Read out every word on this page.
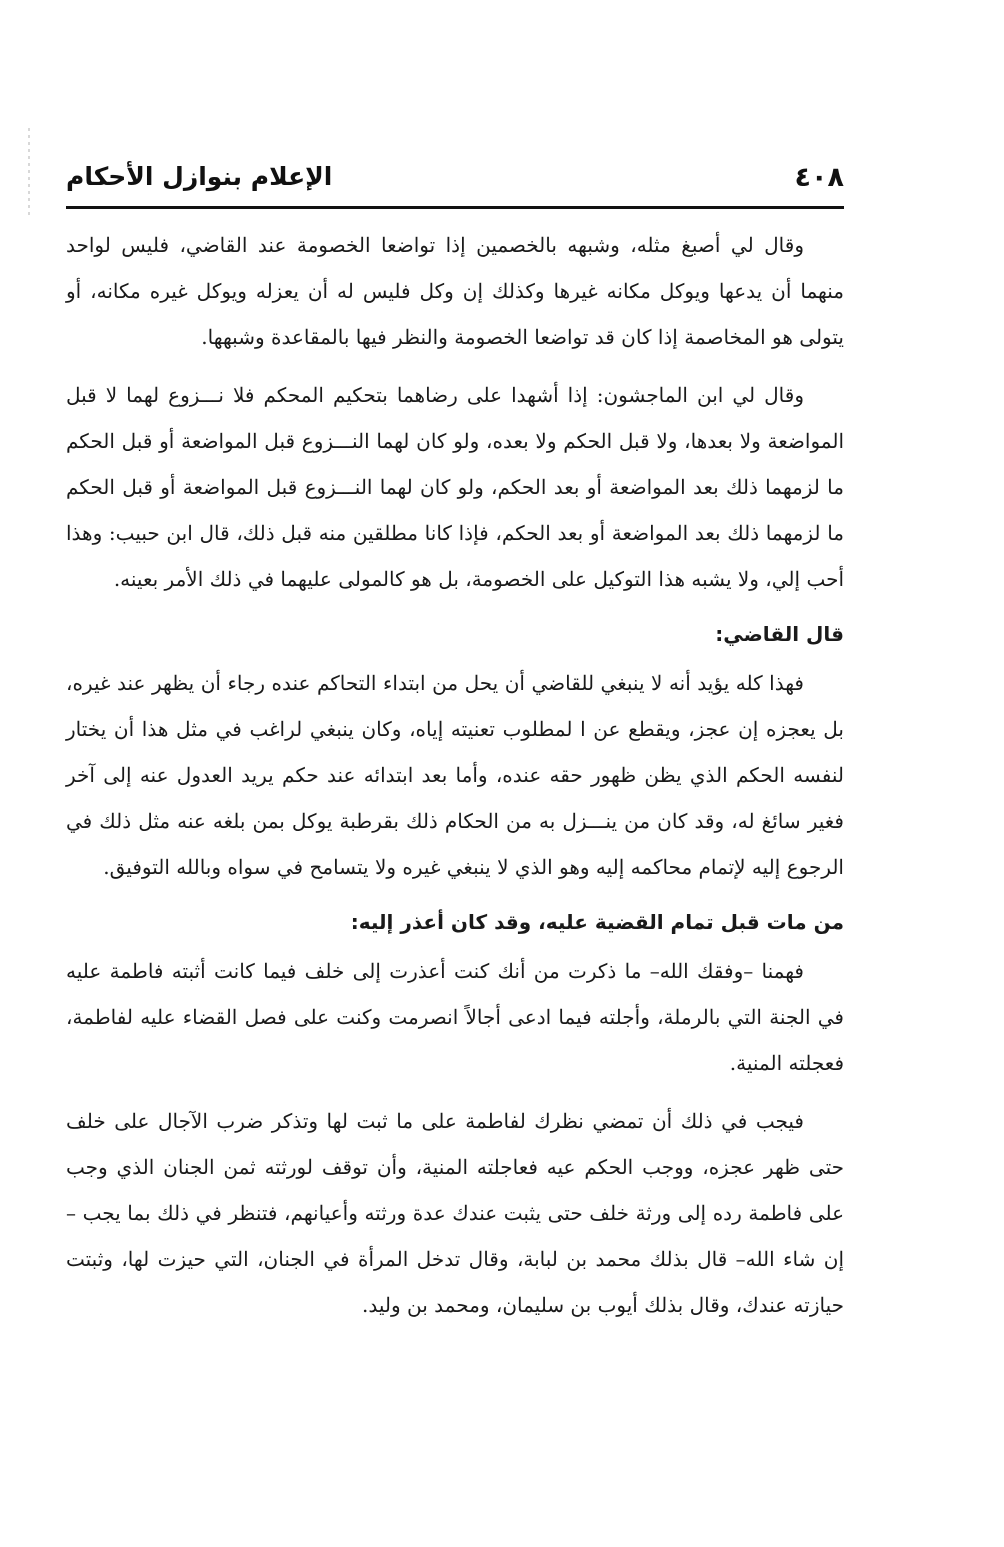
٤٠٨
الإعلام بنوازل الأحكام

وقال لي أصبغ مثله، وشبهه بالخصمين إذا تواضعا الخصومة عند القاضي، فليس لواحد منهما أن يدعها ويوكل مكانه غيرها وكذلك إن وكل فليس له أن يعزله ويوكل غيره مكانه، أو يتولى هو المخاصمة إذا كان قد تواضعا الخصومة والنظر فيها بالمقاعدة وشبهها.

وقال لي ابن الماجشون: إذا أشهدا على رضاهما بتحكيم المحكم فلا نـــزوع لهما لا قبل المواضعة ولا بعدها، ولا قبل الحكم ولا بعده، ولو كان لهما النـــزوع قبل المواضعة أو قبل الحكم ما لزمهما ذلك بعد المواضعة أو بعد الحكم، ولو كان لهما النـــزوع قبل المواضعة أو قبل الحكم ما لزمهما ذلك بعد المواضعة أو بعد الحكم، فإذا كانا مطلقين منه قبل ذلك، قال ابن حبيب: وهذا أحب إلي، ولا يشبه هذا التوكيل على الخصومة، بل هو كالمولى عليهما في ذلك الأمر بعينه.

قال القاضي:

فهذا كله يؤيد أنه لا ينبغي للقاضي أن يحل من ابتداء التحاكم عنده رجاء أن يظهر عند غيره، بل يعجزه إن عجز، ويقطع عن ا لمطلوب تعنيته إياه، وكان ينبغي لراغب في مثل هذا أن يختار لنفسه الحكم الذي يظن ظهور حقه عنده، وأما بعد ابتدائه عند حكم يريد العدول عنه إلى آخر فغير سائغ له، وقد كان من ينـــزل به من الحكام ذلك بقرطبة يوكل بمن بلغه عنه مثل ذلك في الرجوع إليه لإتمام محاكمه إليه وهو الذي لا ينبغي غيره ولا يتسامح في سواه وبالله التوفيق.

من مات قبل تمام القضية عليه، وقد كان أعذر إليه:

فهمنا –وفقك الله– ما ذكرت من أنك كنت أعذرت إلى خلف فيما كانت أثبته فاطمة عليه في الجنة التي بالرملة، وأجلته فيما ادعى أجالاً انصرمت وكنت على فصل القضاء عليه لفاطمة، فعجلته المنية.

فيجب في ذلك أن تمضي نظرك لفاطمة على ما ثبت لها وتذكر ضرب الآجال على خلف حتى ظهر عجزه، ووجب الحكم عيه فعاجلته المنية، وأن توقف لورثته ثمن الجنان الذي وجب على فاطمة رده إلى ورثة خلف حتى يثبت عندك عدة ورثته وأعيانهم، فتنظر في ذلك بما يجب –إن شاء الله– قال بذلك محمد بن لبابة، وقال تدخل المرأة في الجنان، التي حيزت لها، وثبتت حيازته عندك، وقال بذلك أيوب بن سليمان، ومحمد بن وليد.
